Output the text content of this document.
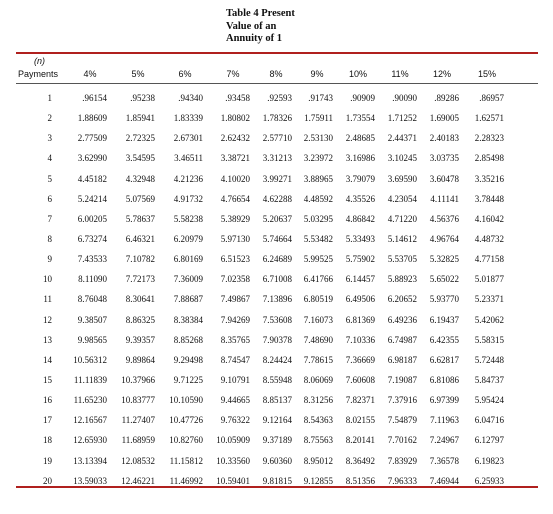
Table 4 Present
Value of an
Annuity of 1
(n)
Payments	4%	5%	6%	7%	8%	9%	10%	11%	12%	15%
1	.96154	.95238	.94340	.93458	.92593	.91743	.90909	.90090	.89286	.86957
2	1.88609	1.85941	1.83339	1.80802	1.78326	1.75911	1.73554	1.71252	1.69005	1.62571
3	2.77509	2.72325	2.67301	2.62432	2.57710	2.53130	2.48685	2.44371	2.40183	2.28323
4	3.62990	3.54595	3.46511	3.38721	3.31213	3.23972	3.16986	3.10245	3.03735	2.85498
5	4.45182	4.32948	4.21236	4.10020	3.99271	3.88965	3.79079	3.69590	3.60478	3.35216
6	5.24214	5.07569	4.91732	4.76654	4.62288	4.48592	4.35526	4.23054	4.11141	3.78448
7	6.00205	5.78637	5.58238	5.38929	5.20637	5.03295	4.86842	4.71220	4.56376	4.16042
8	6.73274	6.46321	6.20979	5.97130	5.74664	5.53482	5.33493	5.14612	4.96764	4.48732
9	7.43533	7.10782	6.80169	6.51523	6.24689	5.99525	5.75902	5.53705	5.32825	4.77158
10	8.11090	7.72173	7.36009	7.02358	6.71008	6.41766	6.14457	5.88923	5.65022	5.01877
11	8.76048	8.30641	7.88687	7.49867	7.13896	6.80519	6.49506	6.20652	5.93770	5.23371
12	9.38507	8.86325	8.38384	7.94269	7.53608	7.16073	6.81369	6.49236	6.19437	5.42062
13	9.98565	9.39357	8.85268	8.35765	7.90378	7.48690	7.10336	6.74987	6.42355	5.58315
14	10.56312	9.89864	9.29498	8.74547	8.24424	7.78615	7.36669	6.98187	6.62817	5.72448
15	11.11839	10.37966	9.71225	9.10791	8.55948	8.06069	7.60608	7.19087	6.81086	5.84737
16	11.65230	10.83777	10.10590	9.44665	8.85137	8.31256	7.82371	7.37916	6.97399	5.95424
17	12.16567	11.27407	10.47726	9.76322	9.12164	8.54363	8.02155	7.54879	7.11963	6.04716
18	12.65930	11.68959	10.82760	10.05909	9.37189	8.75563	8.20141	7.70162	7.24967	6.12797
19	13.13394	12.08532	11.15812	10.33560	9.60360	8.95012	8.36492	7.83929	7.36578	6.19823
20	13.59033	12.46221	11.46992	10.59401	9.81815	9.12855	8.51356	7.96333	7.46944	6.25933
